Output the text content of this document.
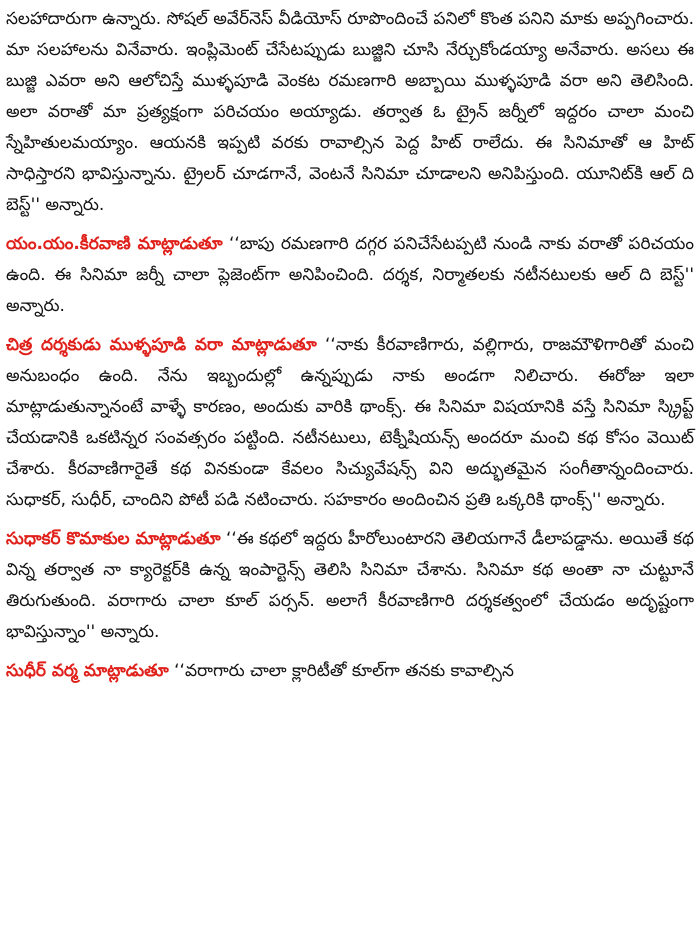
సలహాదారుగా ఉన్నారు. సోషల్ అవేర్‌నెస్ వీడియోస్ రూపొందించే పనిలో కొంత పనిని మాకు అప్పగించారు. మా సలహాలను వినేవారు. ఇంప్లిమెంట్ చేసేటప్పుడు బుజ్జిని చూసి నేర్చుకోండయ్యా అనేవారు. అసలు ఈ బుజ్జి ఎవరా అని ఆలోచిస్తే ముళ్ళపూడి వెంకట రమణగారి అబ్బాయి ముళ్ళపూడి వరా అని తెలిసింది. అలా వరాతో మా ప్రత్యక్షంగా పరిచయం అయ్యాడు. తర్వాత ఓ ట్రైన్ జర్నీలో ఇద్దరం చాలా మంచి స్నేహితులమయ్యాం. ఆయనకి ఇప్పటి వరకు రావాల్సిన పెద్ద హిట్ రాలేదు. ఈ సినిమాతో ఆ హిట్ సాధిస్తారని భావిస్తున్నాను. ట్రైలర్ చూడగానే, వెంటనే సినిమా చూడాలని అనిపిస్తుంది. యూనిట్‌కి ఆల్ ది బెస్ట్'' అన్నారు.

యం.యం.కీరవాణి మాట్లాడుతూ ‘‘బాపు రమణగారి దగ్గర పనిచేసేటప్పటి నుండి నాకు వరాతో పరిచయం ఉంది. ఈ సినిమా జర్నీ చాలా ప్లెజెంట్‌గా అనిపించింది. దర్శక, నిర్మాతలకు నటీనటులకు ఆల్ ది బెస్ట్'' అన్నారు.

చిత్ర దర్శకుడు ముళ్ళపూడి వరా మాట్లాడుతూ ‘‘నాకు కీరవాణిగారు, వల్లిగారు, రాజమౌళిగారితో మంచి అనుబంధం ఉంది. నేను ఇబ్బందుల్లో ఉన్నప్పుడు నాకు అండగా నిలిచారు. ఈరోజు ఇలా మాట్లాడుతున్నానంటే వాళ్ళే కారణం, అందుకు వారికి థాంక్స్. ఈ సినిమా విషయానికి వస్తే సినిమా స్క్రిప్ట్ చేయడానికి ఒకటిన్నర సంవత్సరం పట్టింది. నటీనటులు, టెక్నీషియన్స్ అందరూ మంచి కథ కోసం వెయిట్ చేశారు. కీరవాణిగారైతే కథ వినకుండా కేవలం సిచ్యువేషన్స్ విని అద్భుతమైన సంగీతాన్నందించారు. సుధాకర్, సుధీర్, చాందిని పోటీ పడి నటించారు. సహకారం అందించిన ప్రతి ఒక్కరికి థాంక్స్'' అన్నారు.

సుధాకర్ కొమాకుల మాట్లాడుతూ ‘‘ఈ కథలో ఇద్దరు హీరోలుంటారని తెలియగానే డీలాపడ్డాను. అయితే కథ విన్న తర్వాత నా క్యారెక్టర్‌కి ఉన్న ఇంపార్టెన్స్ తెలిసి సినిమా చేశాను. సినిమా కథ అంతా నా చుట్టూనే తిరుగుతుంది. వరాగారు చాలా కూల్ పర్సన్. అలాగే కీరవాణిగారి దర్శకత్వంలో చేయడం అదృష్టంగా భావిస్తున్నాం'' అన్నారు.

సుధీర్ వర్మ మాట్లాడుతూ ‘‘వరాగారు చాలా క్లారిటీతో కూల్‌గా తనకు కావాల్సిన
